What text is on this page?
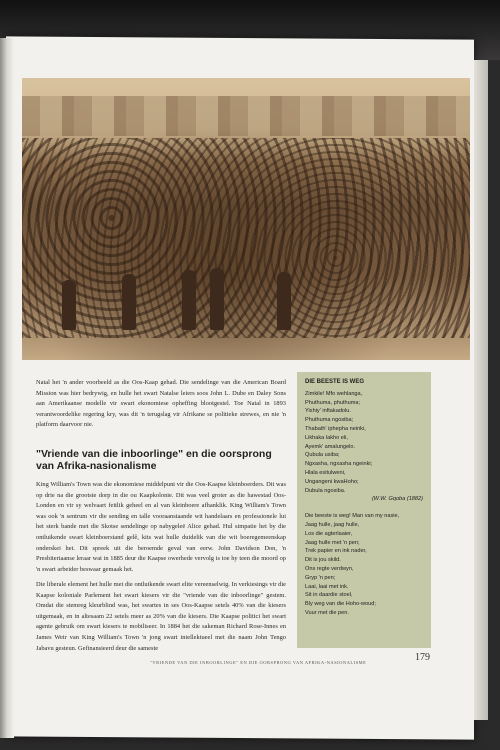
Natal het 'n ander voorbeeld as die Oos-Kaap gehad. Die sendelinge van die American Board Mission was hier bedrywig, en hulle het swart Natalse leiers soos John L. Dube en Daley Sons aan Amerikaanse modelle vir swart ekonomiese opheffing blootgestel. Toe Natal in 1893 verantwoordelike regering kry, was dit 'n terugslag vir Afrikane se politieke strewes, en nie 'n platform daarvoor nie.
"Vriende van die inboorlinge" en die oorsprong van Afrika-nasionalisme
King William's Town was die ekonomiese middelpunt vir die Oos-Kaapse kleinboerders. Dit was op drie na die grootste dorp in die ou Kaapkolonie. Dit was veel groter as die hawestad Oos-Londen en vir sy welvaart feitlik geheel en al van kleinboere afhanklik. King William's Town was ook 'n sentrum vir die sending en talle vooraanstaande wit handelaars en professionele lui het sterk bande met die Skotse sendelinge op nabygeleë Alice gehad. Hul simpatie het by die ontluikende swart kleinboerstand gelê, kits wat hulle duidelik van die wit boeregemeenskap onderskei het. Dit spreek uit die beroemde geval van eerw. John Davidson Don, 'n Presbiteriaanse leraar wat in 1885 deur die Kaapse owerhede vervolg is toe hy teen die moord op 'n swart arbeider beswaar gemaak het.
Die liberale element het hulle met die ontluikende swart elite vereenselwig. In verkiesings vir die Kaapse koloniale Parlement het swart kiesers vir die "vriende van die inboorlinge" gestem. Omdat die stemreg kleurblind was, het swartes in ses Oos-Kaapse setels 40% van die kiesers uitgemaak, en in altesaam 22 setels meer as 20% van die kiesers. Die Kaapse politici het swart agente gebruik om swart kiesers te mobiliseer. In 1884 het die sakeman Richard Rose-Innes en James Weir van King William's Town 'n jong swart intellektueel met die naam John Tengo Jabavu gesteun. Gefinansieerd deur die sameste
DIE BEESTE IS WEG
Zimkile! Mfo wehlanga,
Phuthuma, phuthuma;
Yishiy' inftakadolu.
Phuthuma ngosiba;
Thabath' iphepha neinki,
Likhaka lakho eli,
Ayemk' amalungelo.
Qubula usiba;
Ngxasha, ngxasha ngeinki;
Hlala esitulweni,
Ungangeni kwaHoho;
Dubula ngosiba.
(W.W. Gqoba (1882)
Die beeste is weg! Man van my nasie,
Jaag hulle, jaag hulle,
Los die agterlaaier,
Jaag hulle met 'n pen;
Trek papier en ink nader,
Dit is jou skild.
Ons regte verdwyn,
Gryp 'n pen;
Laai, laai met ink.
Sit in daardie stoel,
Bly weg van die Hoho-woud;
Vuur met die pen.
"VRIENDE VAN DIE INBOORLINGE" EN DIE OORSPRONG VAN AFRIKA-NASIONALISME	179
